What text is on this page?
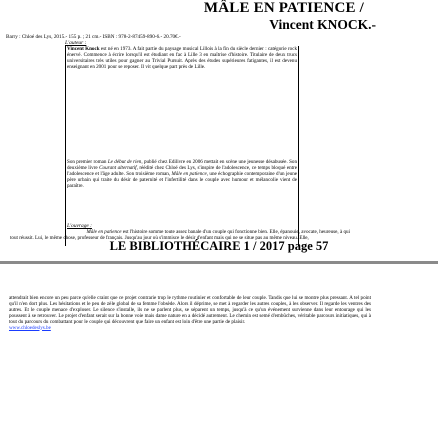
MÂLE EN PATIENCE /
Vincent KNOCK.-
Barry : Chloé des Lys, 2015.- 155 p. ; 21 cm.- ISBN : 978-2-87459-890-6.- 20.70€.-
L'auteur :
Vincent Knock est né en 1973. A fait partie du paysage musical Lillois à la fin du siècle dernier : catégorie rock énervé. Commence à écrire lorsqu'il est étudiant en fac à Lille 3 en maîtrise d'histoire. Titulaire de deux trucs universitaires très utiles pour gagner au Trivial Pursuit. Après des études supérieures fatigantes, il est devenu enseignant en 2001 pour se reposer. Il vit quelque part près de Lille.
Son premier roman Le début de rien, publié chez Edilivre en 2006 mettait en scène une jeunesse désabusée. Son deuxième livre Courant alternatif, réédité chez Chloé des Lys, s'inspire de l'adolescence, ce temps bloqué entre l'adolescence et l'âge adulte. Son troisième roman, Mâle en patience, une échographie contemporaine d'un jeune père urbain qui traite du désir de paternité et l'infertilité dans le couple avec humour et mélancolie vient de paraître.
L'ouvrage :
Mâle en patience est l'histoire somme toute assez banale d'un couple qui fonctionne bien. Elle, épanouie, avocate, heureuse, à qui tout réussit. Lui, le même chose, professeur de français. Jusqu'au jour où s'immisce le désir d'enfant mais qui ne se situe pas au même niveau. Elle,
LE BIBLIOTHÉCAIRE 1 / 2017 page 57
attendrait bien encore un peu parce qu'elle craint que ce projet contrarie trop le rythme routinier et confortable de leur couple. Tandis que lui se montre plus pressant. A tel point qu'il n'en dort plus. Les hésitations et le peu de zèle global de sa femme l'obsède. Alors il déprime, se met à regarder les autres couples, à les observer. Il regarde les ventres des autres. Et le couple menace d'exploser. Le silence s'installe, ils ne se parlent plus, se séparent un temps, jusqu'à ce qu'un événement survienne dans leur entourage qui les poussent à se retrouver. Le projet d'enfant serait sur la bonne voie mais dame nature en a décidé autrement. Le chemin est semé d'embûches, véritable parcours initiatiques, qui à tout du parcours du combattant pour le couple qui découvrent que faire un enfant est loin d'être une partie de plaisir.
www.chloedeslys.be
